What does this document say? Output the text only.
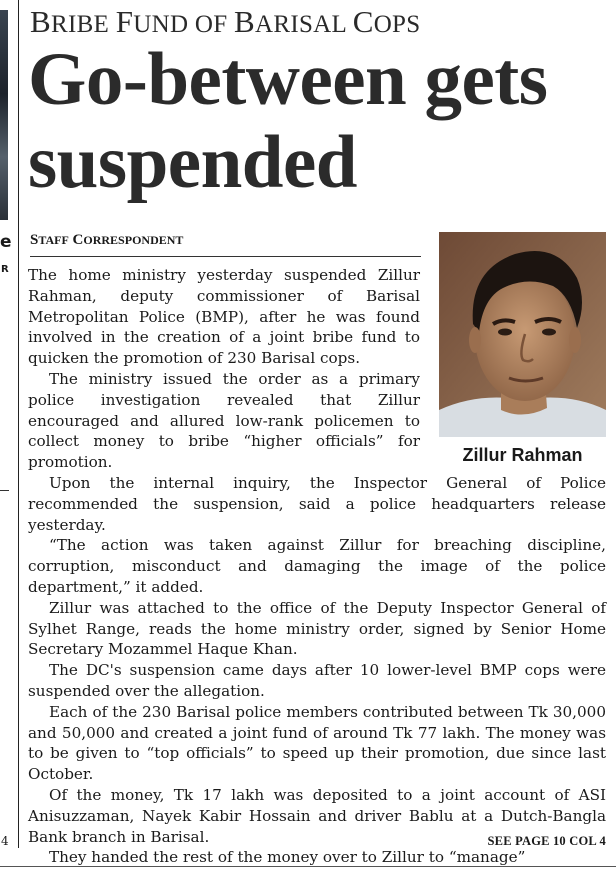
e
R
4
BRIBE FUND OF BARISAL COPS
Go-between gets suspended
STAFF CORRESPONDENT
Zillur Rahman

The home ministry yesterday suspended Zillur Rahman, deputy commissioner of Barisal Metropolitan Police (BMP), after he was found involved in the creation of a joint bribe fund to quicken the promotion of 230 Barisal cops.

The ministry issued the order as a primary police investigation revealed that Zillur encouraged and allured low-rank policemen to collect money to bribe “higher officials” for promotion.

Upon the internal inquiry, the Inspector General of Police recommended the suspension, said a police headquarters release yesterday.

“The action was taken against Zillur for breaching discipline, corruption, misconduct and damaging the image of the police department,” it added.

Zillur was attached to the office of the Deputy Inspector General of Sylhet Range, reads the home ministry order, signed by Senior Home Secretary Mozammel Haque Khan.

The DC's suspension came days after 10 lower-level BMP cops were suspended over the allegation.

Each of the 230 Barisal police members contributed between Tk 30,000 and 50,000 and created a joint fund of around Tk 77 lakh. The money was to be given to “top officials” to speed up their promotion, due since last October.

Of the money, Tk 17 lakh was deposited to a joint account of ASI Anisuzzaman, Nayek Kabir Hossain and driver Bablu at a Dutch-Bangla Bank branch in Barisal.

They handed the rest of the money over to Zillur to “manage”

SEE PAGE 10 COL 4
